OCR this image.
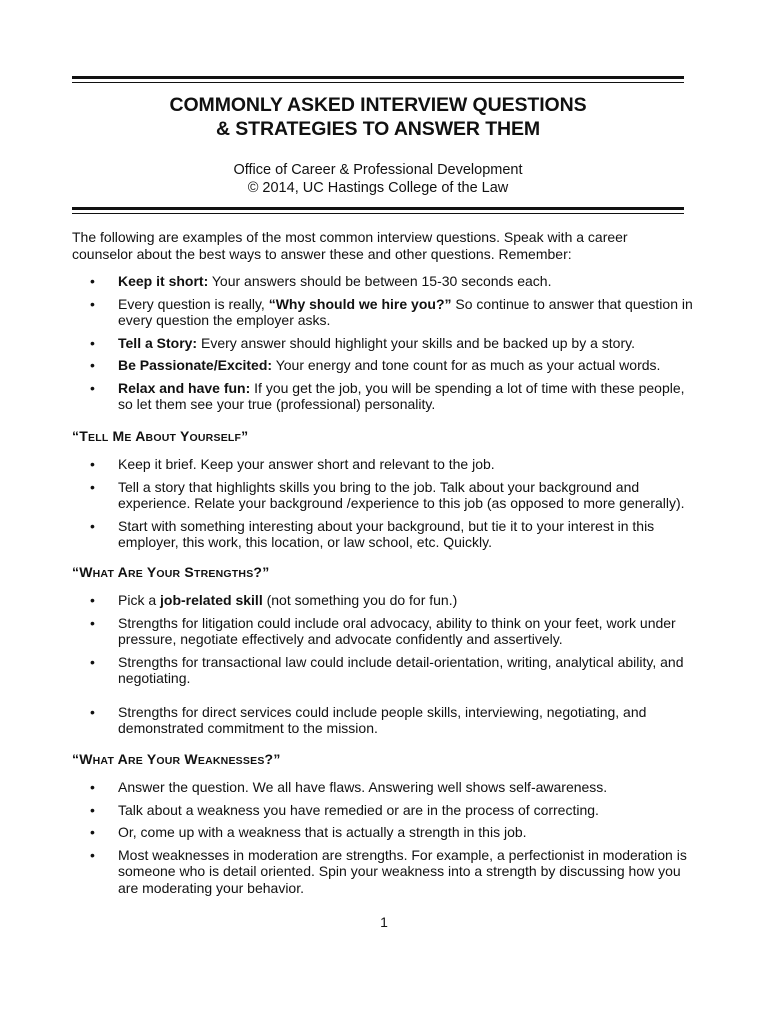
COMMONLY ASKED INTERVIEW QUESTIONS
& STRATEGIES TO ANSWER THEM
Office of Career & Professional Development
© 2014, UC Hastings College of the Law
The following are examples of the most common interview questions. Speak with a career counselor about the best ways to answer these and other questions. Remember:
• Keep it short: Your answers should be between 15-30 seconds each.
• Every question is really, “Why should we hire you?” So continue to answer that question in every question the employer asks.
• Tell a Story: Every answer should highlight your skills and be backed up by a story.
• Be Passionate/Excited: Your energy and tone count for as much as your actual words.
• Relax and have fun: If you get the job, you will be spending a lot of time with these people, so let them see your true (professional) personality.
“TELL ME ABOUT YOURSELF”
• Keep it brief. Keep your answer short and relevant to the job.
• Tell a story that highlights skills you bring to the job. Talk about your background and experience. Relate your background /experience to this job (as opposed to more generally).
• Start with something interesting about your background, but tie it to your interest in this employer, this work, this location, or law school, etc. Quickly.
“WHAT ARE YOUR STRENGTHS?”
• Pick a job-related skill (not something you do for fun.)
• Strengths for litigation could include oral advocacy, ability to think on your feet, work under pressure, negotiate effectively and advocate confidently and assertively.
• Strengths for transactional law could include detail-orientation, writing, analytical ability, and negotiating.
• Strengths for direct services could include people skills, interviewing, negotiating, and demonstrated commitment to the mission.
“WHAT ARE YOUR WEAKNESSES?”
• Answer the question. We all have flaws. Answering well shows self-awareness.
• Talk about a weakness you have remedied or are in the process of correcting.
• Or, come up with a weakness that is actually a strength in this job.
• Most weaknesses in moderation are strengths. For example, a perfectionist in moderation is someone who is detail oriented. Spin your weakness into a strength by discussing how you are moderating your behavior.
1
